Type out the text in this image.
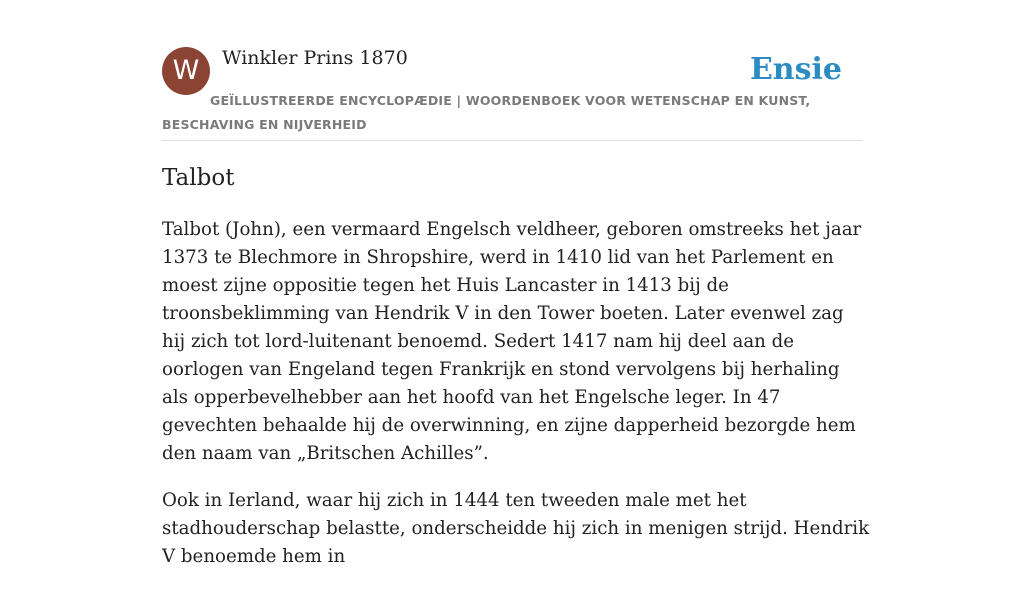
W	Winkler Prins 1870	Ensie
GEÏLLUSTREERDE ENCYCLOPÆDIE | WOORDENBOEK VOOR WETENSCHAP EN KUNST, BESCHAVING EN NIJVERHEID
Talbot

Talbot (John), een vermaard Engelsch veldheer, geboren omstreeks het jaar 1373 te Blechmore in Shropshire, werd in 1410 lid van het Parlement en moest zijne oppositie tegen het Huis Lancaster in 1413 bij de troonsbeklimming van Hendrik V in den Tower boeten. Later evenwel zag hij zich tot lord-luitenant benoemd. Sedert 1417 nam hij deel aan de oorlogen van Engeland tegen Frankrijk en stond vervolgens bij herhaling als opperbevelhebber aan het hoofd van het Engelsche leger. In 47 gevechten behaalde hij de overwinning, en zijne dapperheid bezorgde hem den naam van „Britschen Achilles”.

Ook in Ierland, waar hij zich in 1444 ten tweeden male met het stadhouderschap belastte, onderscheidde hij zich in menigen strijd. Hendrik V benoemde hem in
